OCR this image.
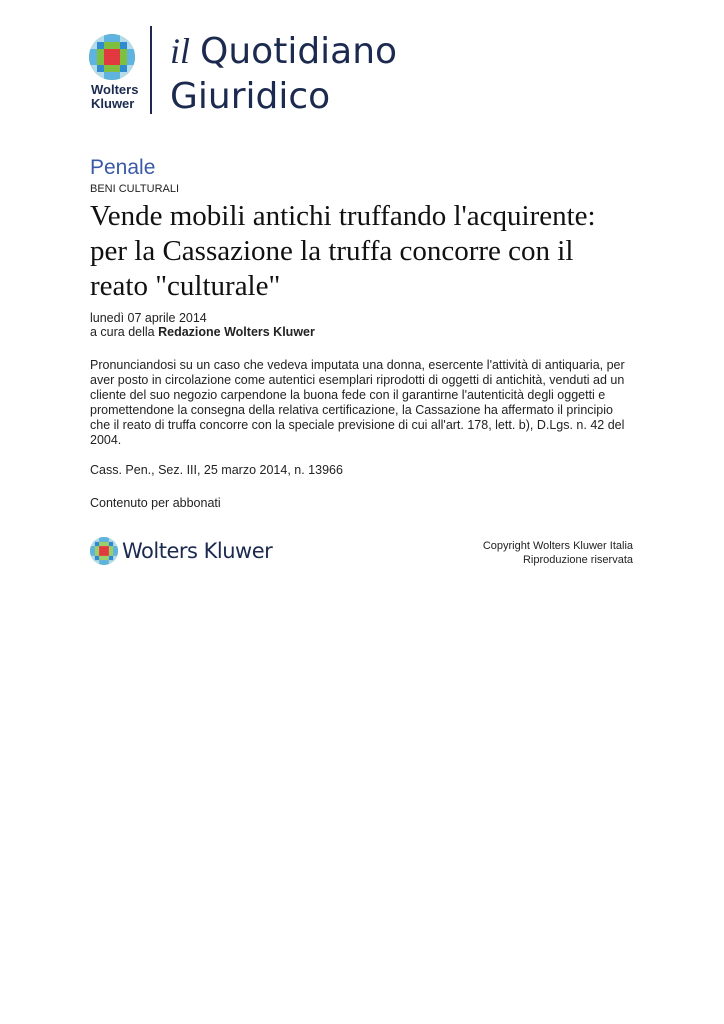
Wolters
Kluwer
il Quotidiano
Giuridico
Penale
BENI CULTURALI
Vende mobili antichi truffando l'acquirente: per la Cassazione la truffa concorre con il reato "culturale"
lunedì 07 aprile 2014
a cura della Redazione Wolters Kluwer
Pronunciandosi su un caso che vedeva imputata una donna, esercente l'attività di antiquaria, per aver posto in circolazione come autentici esemplari riprodotti di oggetti di antichità, venduti ad un cliente del suo negozio carpendone la buona fede con il garantirne l'autenticità degli oggetti e promettendone la consegna della relativa certificazione, la Cassazione ha affermato il principio che il reato di truffa concorre con la speciale previsione di cui all'art. 178, lett. b), D.Lgs. n. 42 del 2004.
Cass. Pen., Sez. III, 25 marzo 2014, n. 13966
Contenuto per abbonati
Wolters Kluwer	Copyright Wolters Kluwer Italia
Riproduzione riservata
